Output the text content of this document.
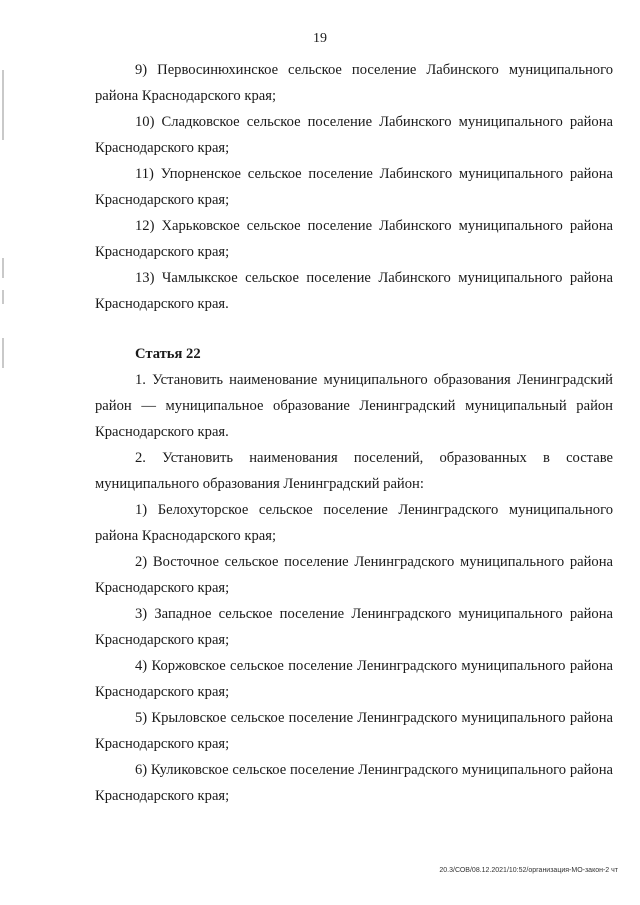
19

9) Первосинюхинское сельское поселение Лабинского муниципального района Краснодарского края;

10) Сладковское сельское поселение Лабинского муниципального района Краснодарского края;

11) Упорненское сельское поселение Лабинского муниципального района Краснодарского края;

12) Харьковское сельское поселение Лабинского муниципального района Краснодарского края;

13) Чамлыкское сельское поселение Лабинского муниципального района Краснодарского края.

Статья 22

1. Установить наименование муниципального образования Ленинградский район — муниципальное образование Ленинградский муниципальный район Краснодарского края.

2. Установить наименования поселений, образованных в составе муниципального образования Ленинградский район:

1) Белохуторское сельское поселение Ленинградского муниципального района Краснодарского края;

2) Восточное сельское поселение Ленинградского муниципального района Краснодарского края;

3) Западное сельское поселение Ленинградского муниципального района Краснодарского края;

4) Коржовское сельское поселение Ленинградского муниципального района Краснодарского края;

5) Крыловское сельское поселение Ленинградского муниципального района Краснодарского края;

6) Куликовское сельское поселение Ленинградского муниципального района Краснодарского края;

20.3/СОВ/08.12.2021/10:52/организация-МО-закон-2 чт
